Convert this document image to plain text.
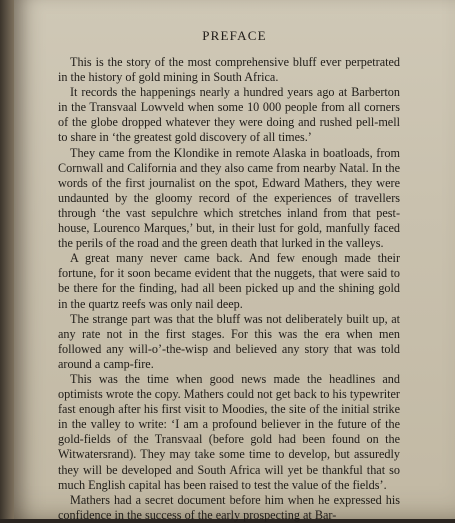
PREFACE

This is the story of the most comprehensive bluff ever perpetrated in the history of gold mining in South Africa.

It records the happenings nearly a hundred years ago at Barberton in the Transvaal Lowveld when some 10 000 people from all corners of the globe dropped whatever they were doing and rushed pell-mell to share in ‘the greatest gold discovery of all times.’

They came from the Klondike in remote Alaska in boatloads, from Cornwall and California and they also came from nearby Natal. In the words of the first journalist on the spot, Edward Mathers, they were undaunted by the gloomy record of the experiences of travellers through ‘the vast sepulchre which stretches inland from that pest-house, Lourenco Marques,’ but, in their lust for gold, manfully faced the perils of the road and the green death that lurked in the valleys.

A great many never came back. And few enough made their fortune, for it soon became evident that the nuggets, that were said to be there for the finding, had all been picked up and the shining gold in the quartz reefs was only nail deep.

The strange part was that the bluff was not deliberately built up, at any rate not in the first stages. For this was the era when men followed any will-o’-the-wisp and believed any story that was told around a camp-fire.

This was the time when good news made the headlines and optimists wrote the copy. Mathers could not get back to his typewriter fast enough after his first visit to Moodies, the site of the initial strike in the valley to write: ‘I am a profound believer in the future of the gold-fields of the Transvaal (before gold had been found on the Witwatersrand). They may take some time to develop, but assuredly they will be developed and South Africa will yet be thankful that so much English capital has been raised to test the value of the fields’.

Mathers had a secret document before him when he expressed his confidence in the success of the early prospecting at Bar-
